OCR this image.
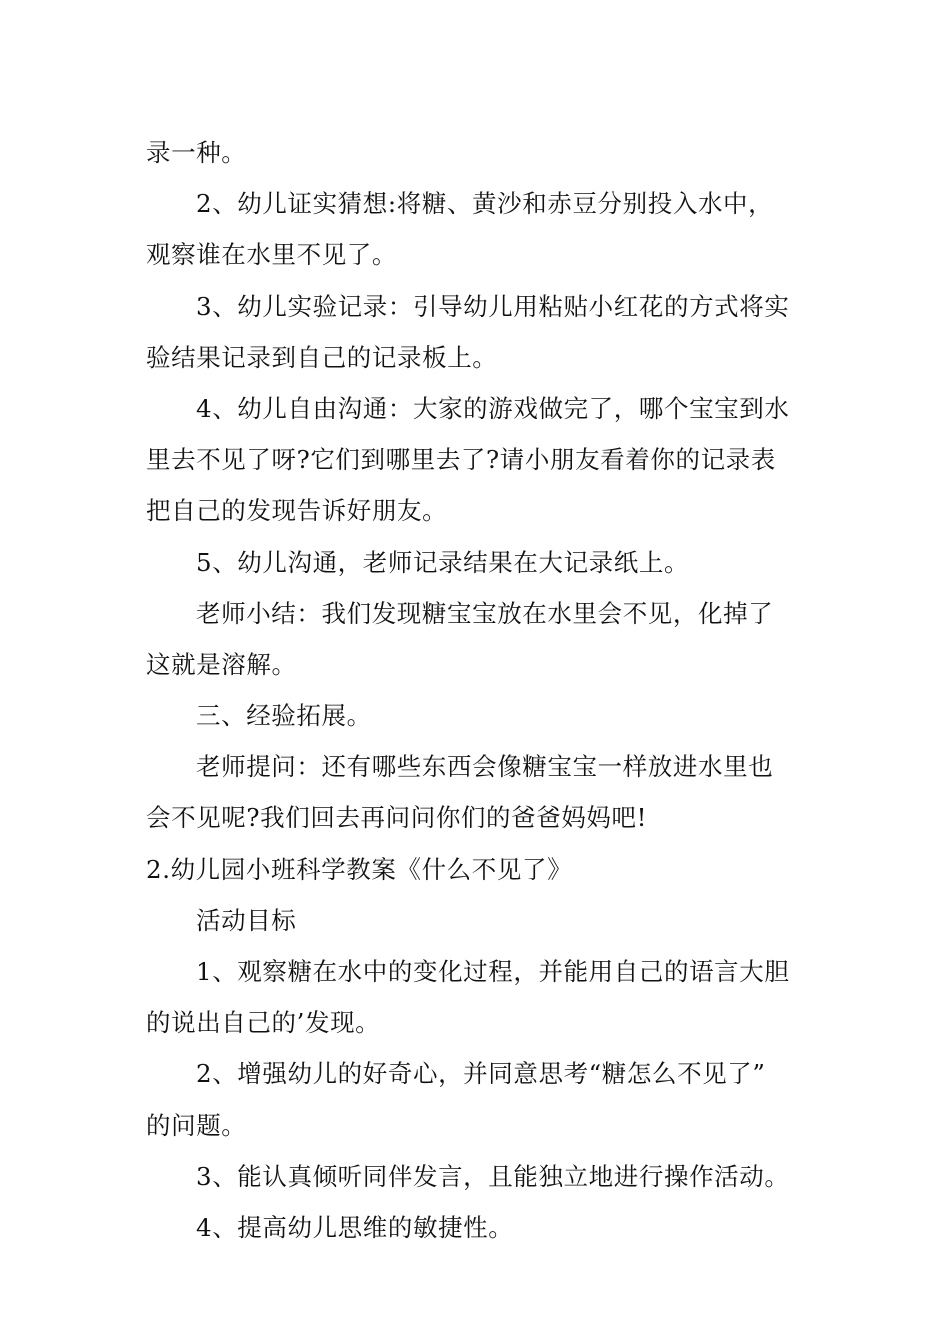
录一种。
2、幼儿证实猜想:将糖、黄沙和赤豆分别投入水中，
观察谁在水里不见了。
3、幼儿实验记录：引导幼儿用粘贴小红花的方式将实
验结果记录到自己的记录板上。
4、幼儿自由沟通：大家的游戏做完了，哪个宝宝到水
里去不见了呀?它们到哪里去了?请小朋友看着你的记录表
把自己的发现告诉好朋友。
5、幼儿沟通，老师记录结果在大记录纸上。
老师小结：我们发现糖宝宝放在水里会不见，化掉了
这就是溶解。
三、经验拓展。
老师提问：还有哪些东西会像糖宝宝一样放进水里也
会不见呢?我们回去再问问你们的爸爸妈妈吧!
2.幼儿园小班科学教案《什么不见了》
活动目标
1、观察糖在水中的变化过程，并能用自己的语言大胆
的说出自己的’发现。
2、增强幼儿的好奇心，并同意思考“糖怎么不见了”
的问题。
3、能认真倾听同伴发言，且能独立地进行操作活动。
4、提高幼儿思维的敏捷性。
